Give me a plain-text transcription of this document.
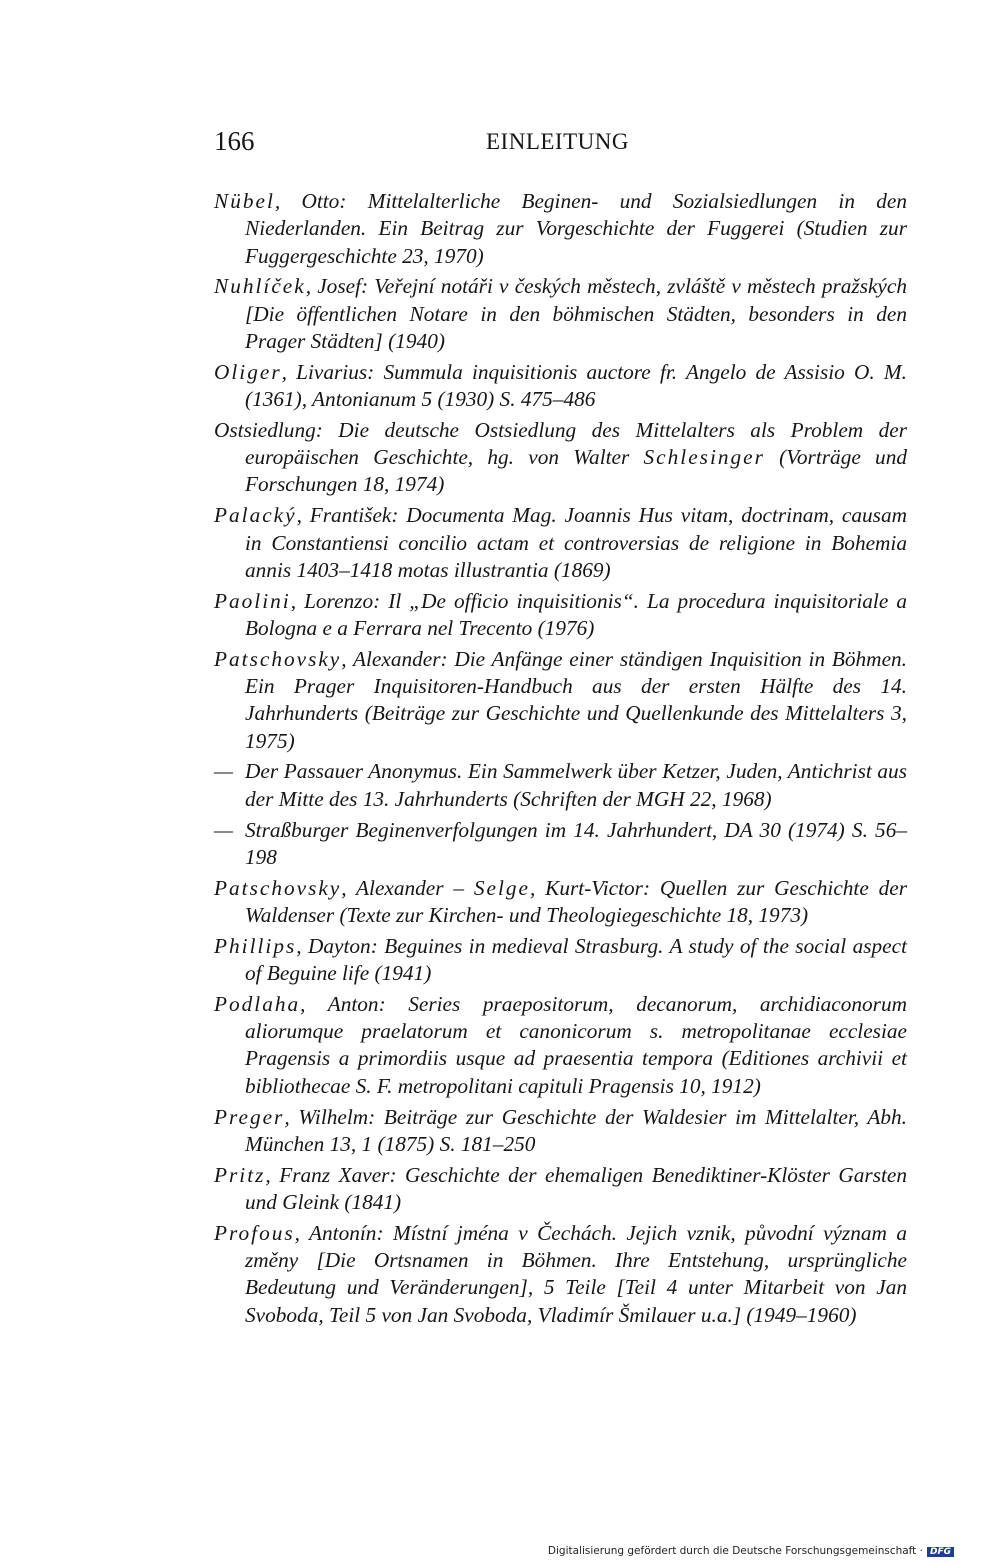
166	EINLEITUNG
Nübel, Otto: Mittelalterliche Beginen- und Sozialsiedlungen in den Niederlanden. Ein Beitrag zur Vorgeschichte der Fuggerei (Studien zur Fuggergeschichte 23, 1970)
Nuhlíček, Josef: Veřejní notáři v českých městech, zvláště v městech pražských [Die öffentlichen Notare in den böhmischen Städten, besonders in den Prager Städten] (1940)
Oliger, Livarius: Summula inquisitionis auctore fr. Angelo de Assisio O. M. (1361), Antonianum 5 (1930) S. 475–486
Ostsiedlung: Die deutsche Ostsiedlung des Mittelalters als Problem der europäischen Geschichte, hg. von Walter Schlesinger (Vorträge und Forschungen 18, 1974)
Palacký, František: Documenta Mag. Joannis Hus vitam, doctrinam, causam in Constantiensi concilio actam et controversias de religione in Bohemia annis 1403–1418 motas illustrantia (1869)
Paolini, Lorenzo: Il „De officio inquisitionis“. La procedura inquisitoriale a Bologna e a Ferrara nel Trecento (1976)
Patschovsky, Alexander: Die Anfänge einer ständigen Inquisition in Böhmen. Ein Prager Inquisitoren-Handbuch aus der ersten Hälfte des 14. Jahrhunderts (Beiträge zur Geschichte und Quellenkunde des Mittelalters 3, 1975)
— Der Passauer Anonymus. Ein Sammelwerk über Ketzer, Juden, Antichrist aus der Mitte des 13. Jahrhunderts (Schriften der MGH 22, 1968)
— Straßburger Beginenverfolgungen im 14. Jahrhundert, DA 30 (1974) S. 56–198
Patschovsky, Alexander – Selge, Kurt-Victor: Quellen zur Geschichte der Waldenser (Texte zur Kirchen- und Theologiegeschichte 18, 1973)
Phillips, Dayton: Beguines in medieval Strasburg. A study of the social aspect of Beguine life (1941)
Podlaha, Anton: Series praepositorum, decanorum, archidiaconorum aliorumque praelatorum et canonicorum s. metropolitanae ecclesiae Pragensis a primordiis usque ad praesentia tempora (Editiones archivii et bibliothecae S. F. metropolitani capituli Pragensis 10, 1912)
Preger, Wilhelm: Beiträge zur Geschichte der Waldesier im Mittelalter, Abh. München 13, 1 (1875) S. 181–250
Pritz, Franz Xaver: Geschichte der ehemaligen Benediktiner-Klöster Garsten und Gleink (1841)
Profous, Antonín: Místní jména v Čechách. Jejich vznik, původní význam a změny [Die Ortsnamen in Böhmen. Ihre Entstehung, ursprüngliche Bedeutung und Veränderungen], 5 Teile [Teil 4 unter Mitarbeit von Jan Svoboda, Teil 5 von Jan Svoboda, Vladimír Šmilauer u.a.] (1949–1960)
Digitalisierung gefördert durch die Deutsche Forschungsgemeinschaft · DFG
